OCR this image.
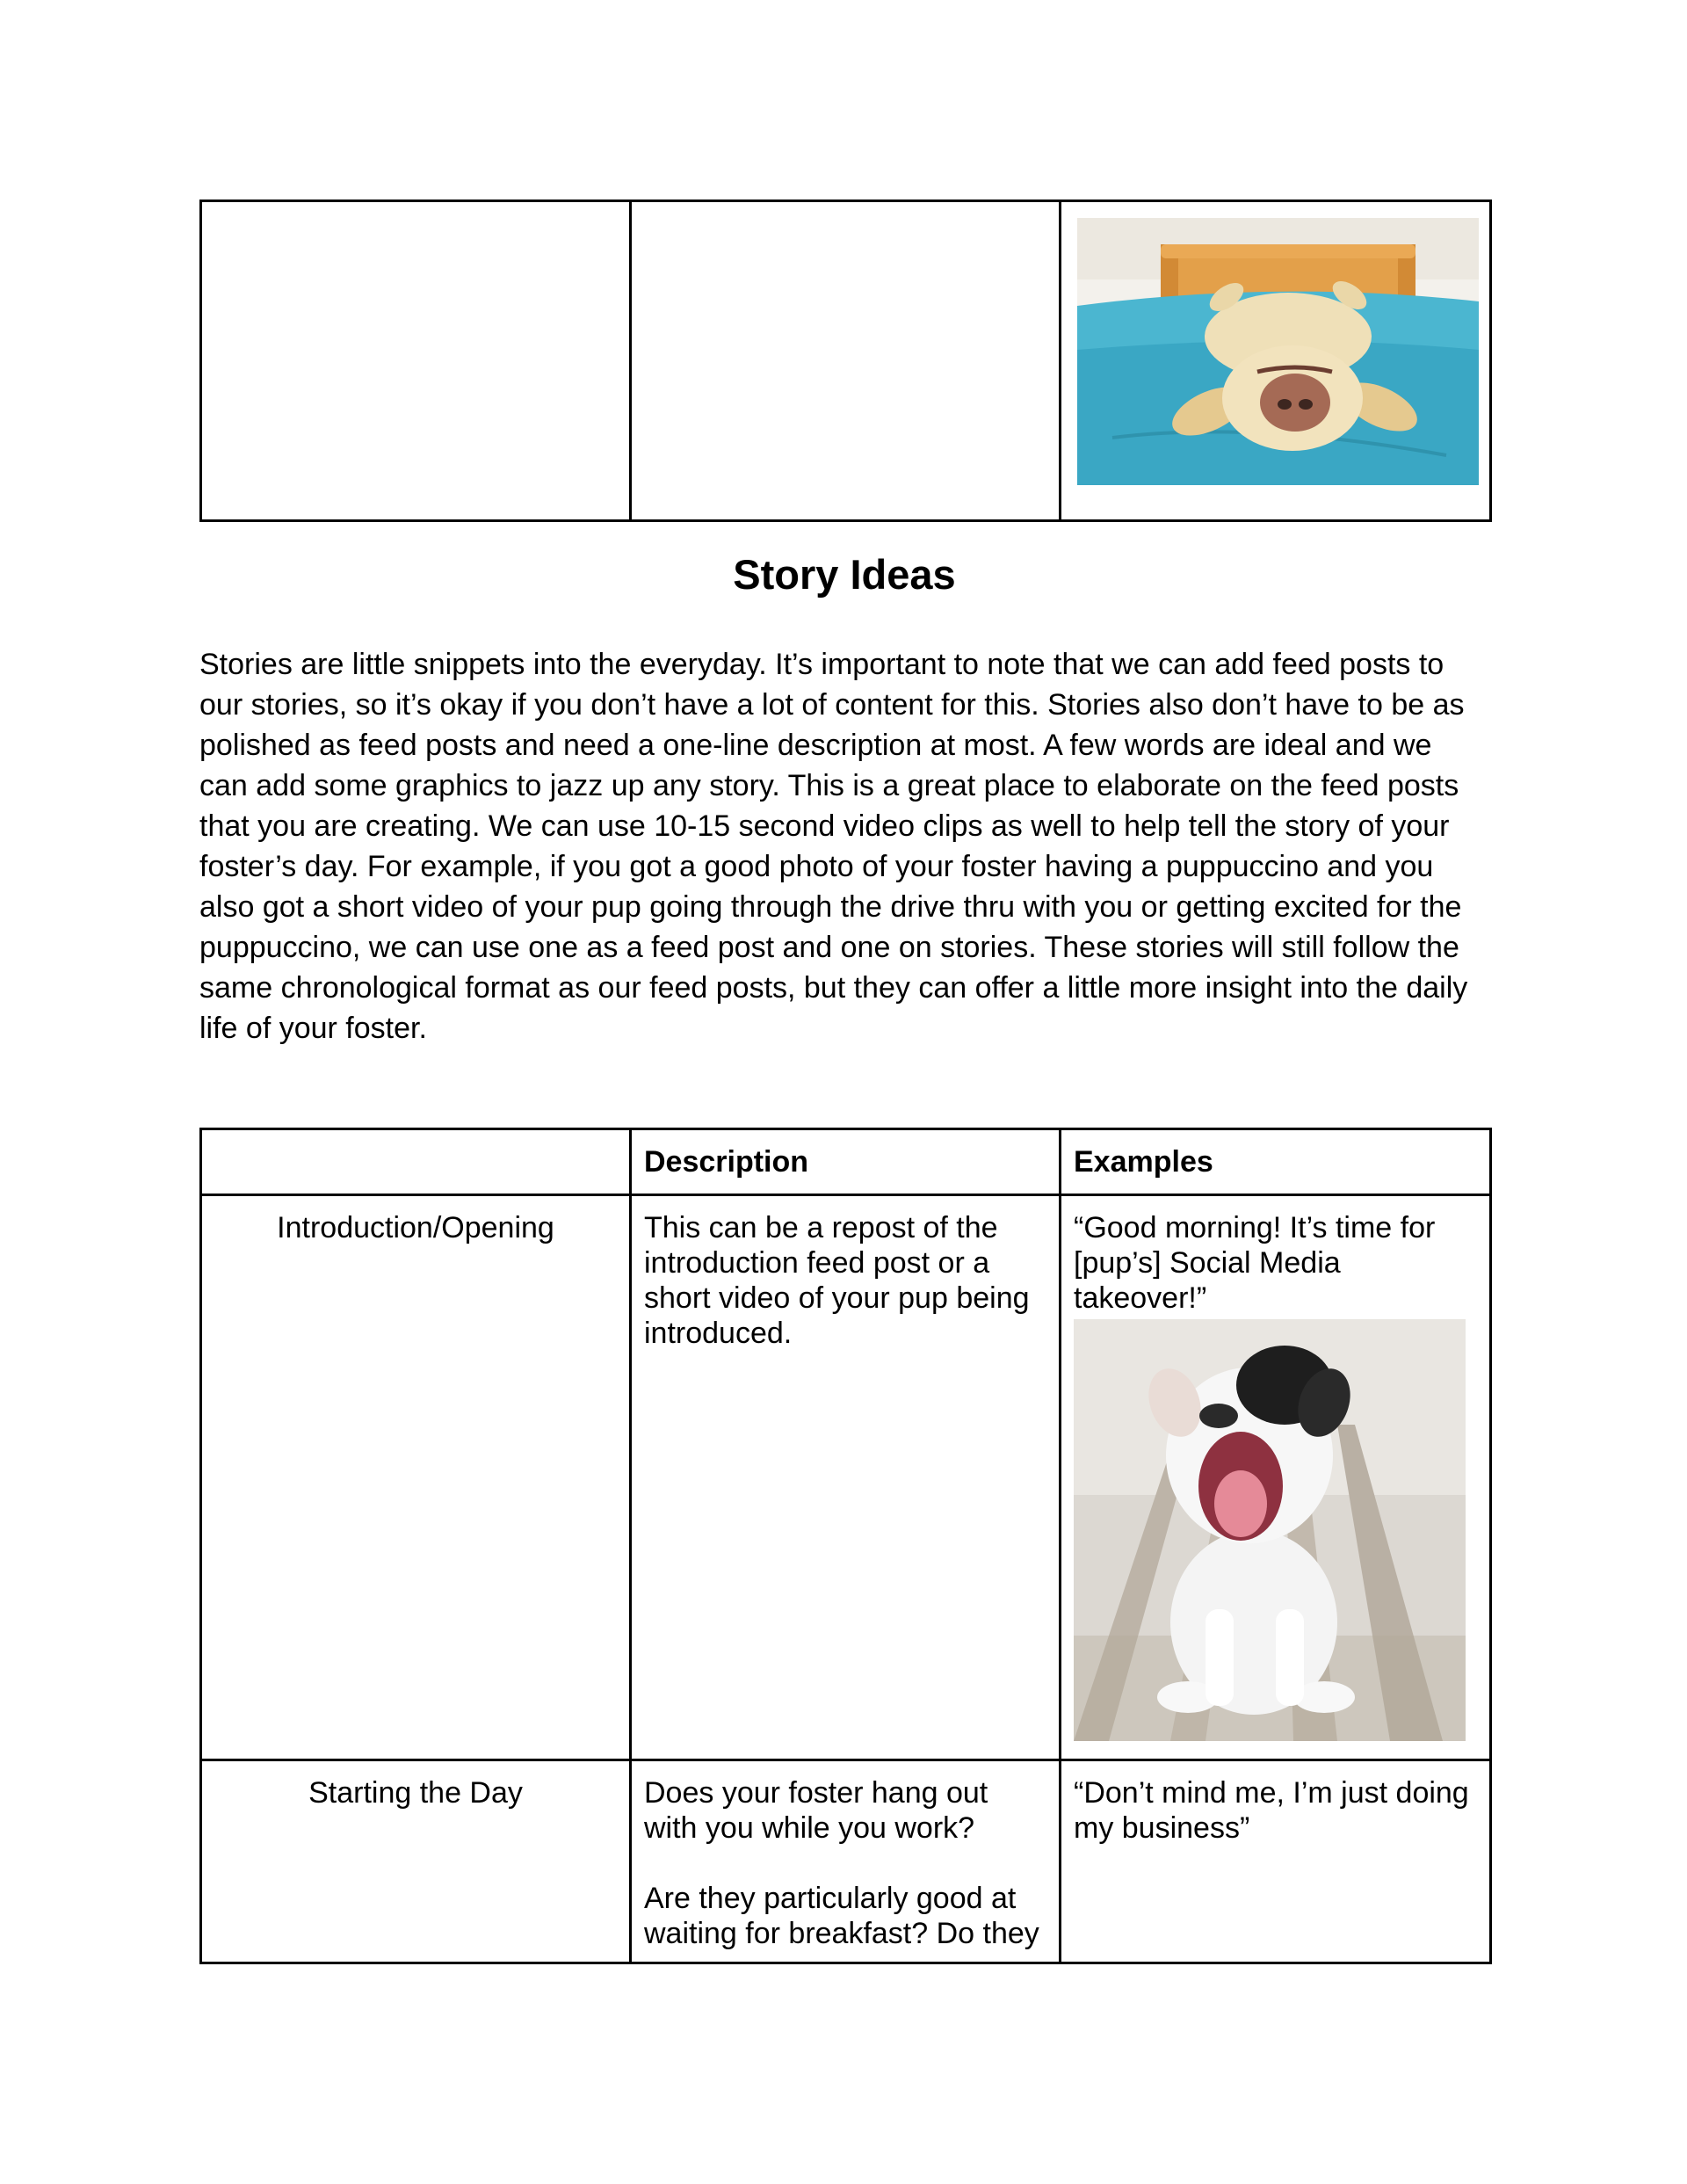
Story Ideas
Stories are little snippets into the everyday. It’s important to note that we can add feed posts to
our stories, so it’s okay if you don’t have a lot of content for this. Stories also don’t have to be as
polished as feed posts and need a one-line description at most. A few words are ideal and we
can add some graphics to jazz up any story. This is a great place to elaborate on the feed posts
that you are creating. We can use 10-15 second video clips as well to help tell the story of your
foster’s day. For example, if you got a good photo of your foster having a puppuccino and you
also got a short video of your pup going through the drive thru with you or getting excited for the
puppuccino, we can use one as a feed post and one on stories. These stories will still follow the
same chronological format as our feed posts, but they can offer a little more insight into the daily
life of your foster.
	Description	Examples
Introduction/Opening	This can be a repost of the
introduction feed post or a
short video of your pup being
introduced.	“Good morning! It’s time for
[pup’s] Social Media
takeover!”

Starting the Day	Does your foster hang out
with you while you work?

Are they particularly good at
waiting for breakfast? Do they	“Don’t mind me, I’m just doing
my business”
